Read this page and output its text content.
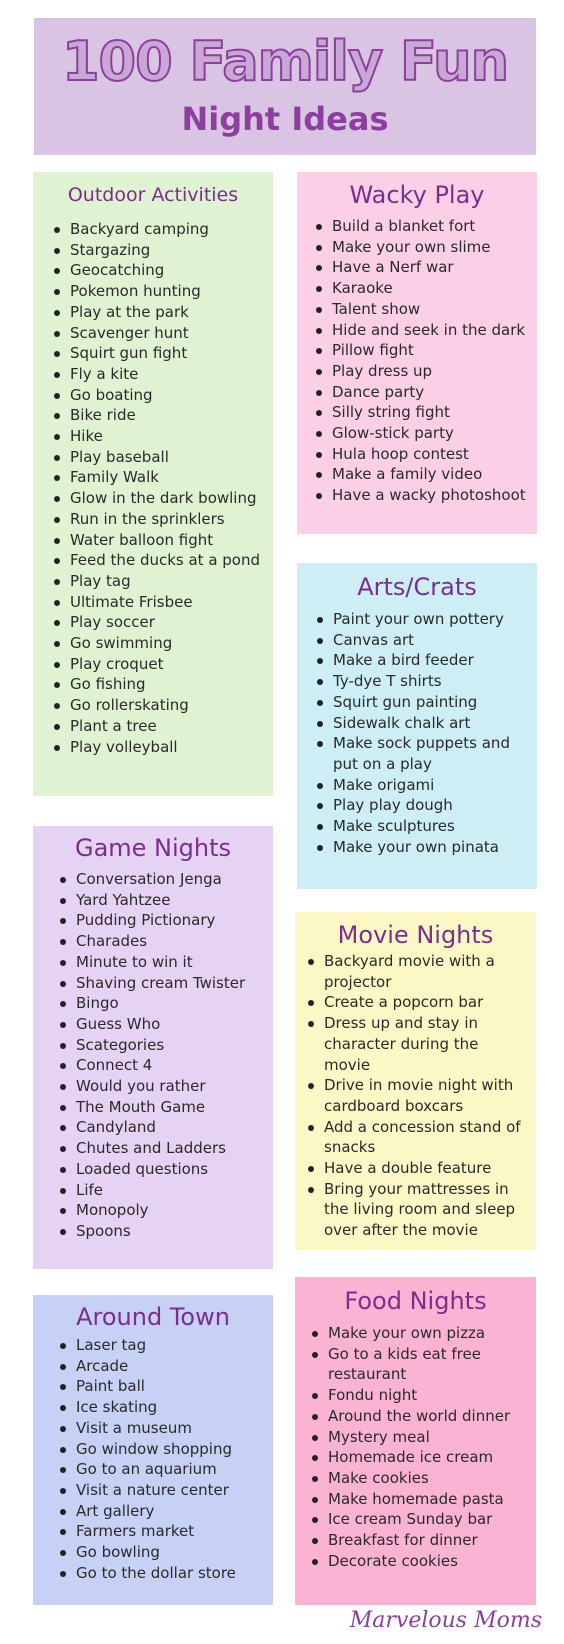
100 Family Fun
Night Ideas
Outdoor Activities
Backyard camping
Stargazing
Geocatching
Pokemon hunting
Play at the park
Scavenger hunt
Squirt gun fight
Fly a kite
Go boating
Bike ride
Hike
Play baseball
Family Walk
Glow in the dark bowling
Run in the sprinklers
Water balloon fight
Feed the ducks at a pond
Play tag
Ultimate Frisbee
Play soccer
Go swimming
Play croquet
Go fishing
Go rollerskating
Plant a tree
Play volleyball
Wacky Play
Build a blanket fort
Make your own slime
Have a Nerf war
Karaoke
Talent show
Hide and seek in the dark
Pillow fight
Play dress up
Dance party
Silly string fight
Glow-stick party
Hula hoop contest
Make a family video
Have a wacky photoshoot
Arts/Crats
Paint your own pottery
Canvas art
Make a bird feeder
Ty-dye T shirts
Squirt gun painting
Sidewalk chalk art
Make sock puppets and put on a play
Make origami
Play play dough
Make sculptures
Make your own pinata
Game Nights
Conversation Jenga
Yard Yahtzee
Pudding Pictionary
Charades
Minute to win it
Shaving cream Twister
Bingo
Guess Who
Scategories
Connect 4
Would you rather
The Mouth Game
Candyland
Chutes and Ladders
Loaded questions
Life
Monopoly
Spoons
Movie Nights
Backyard movie with a projector
Create a popcorn bar
Dress up and stay in character during the movie
Drive in movie night with cardboard boxcars
Add a concession stand of snacks
Have a double feature
Bring your mattresses in the living room and sleep over after the movie
Around Town
Laser tag
Arcade
Paint ball
Ice skating
Visit a museum
Go window shopping
Go to an aquarium
Visit a nature center
Art gallery
Farmers market
Go bowling
Go to the dollar store
Food Nights
Make your own pizza
Go to a kids eat free restaurant
Fondu night
Around the world dinner
Mystery meal
Homemade ice cream
Make cookies
Make homemade pasta
Ice cream Sunday bar
Breakfast for dinner
Decorate cookies
Marvelous Moms
